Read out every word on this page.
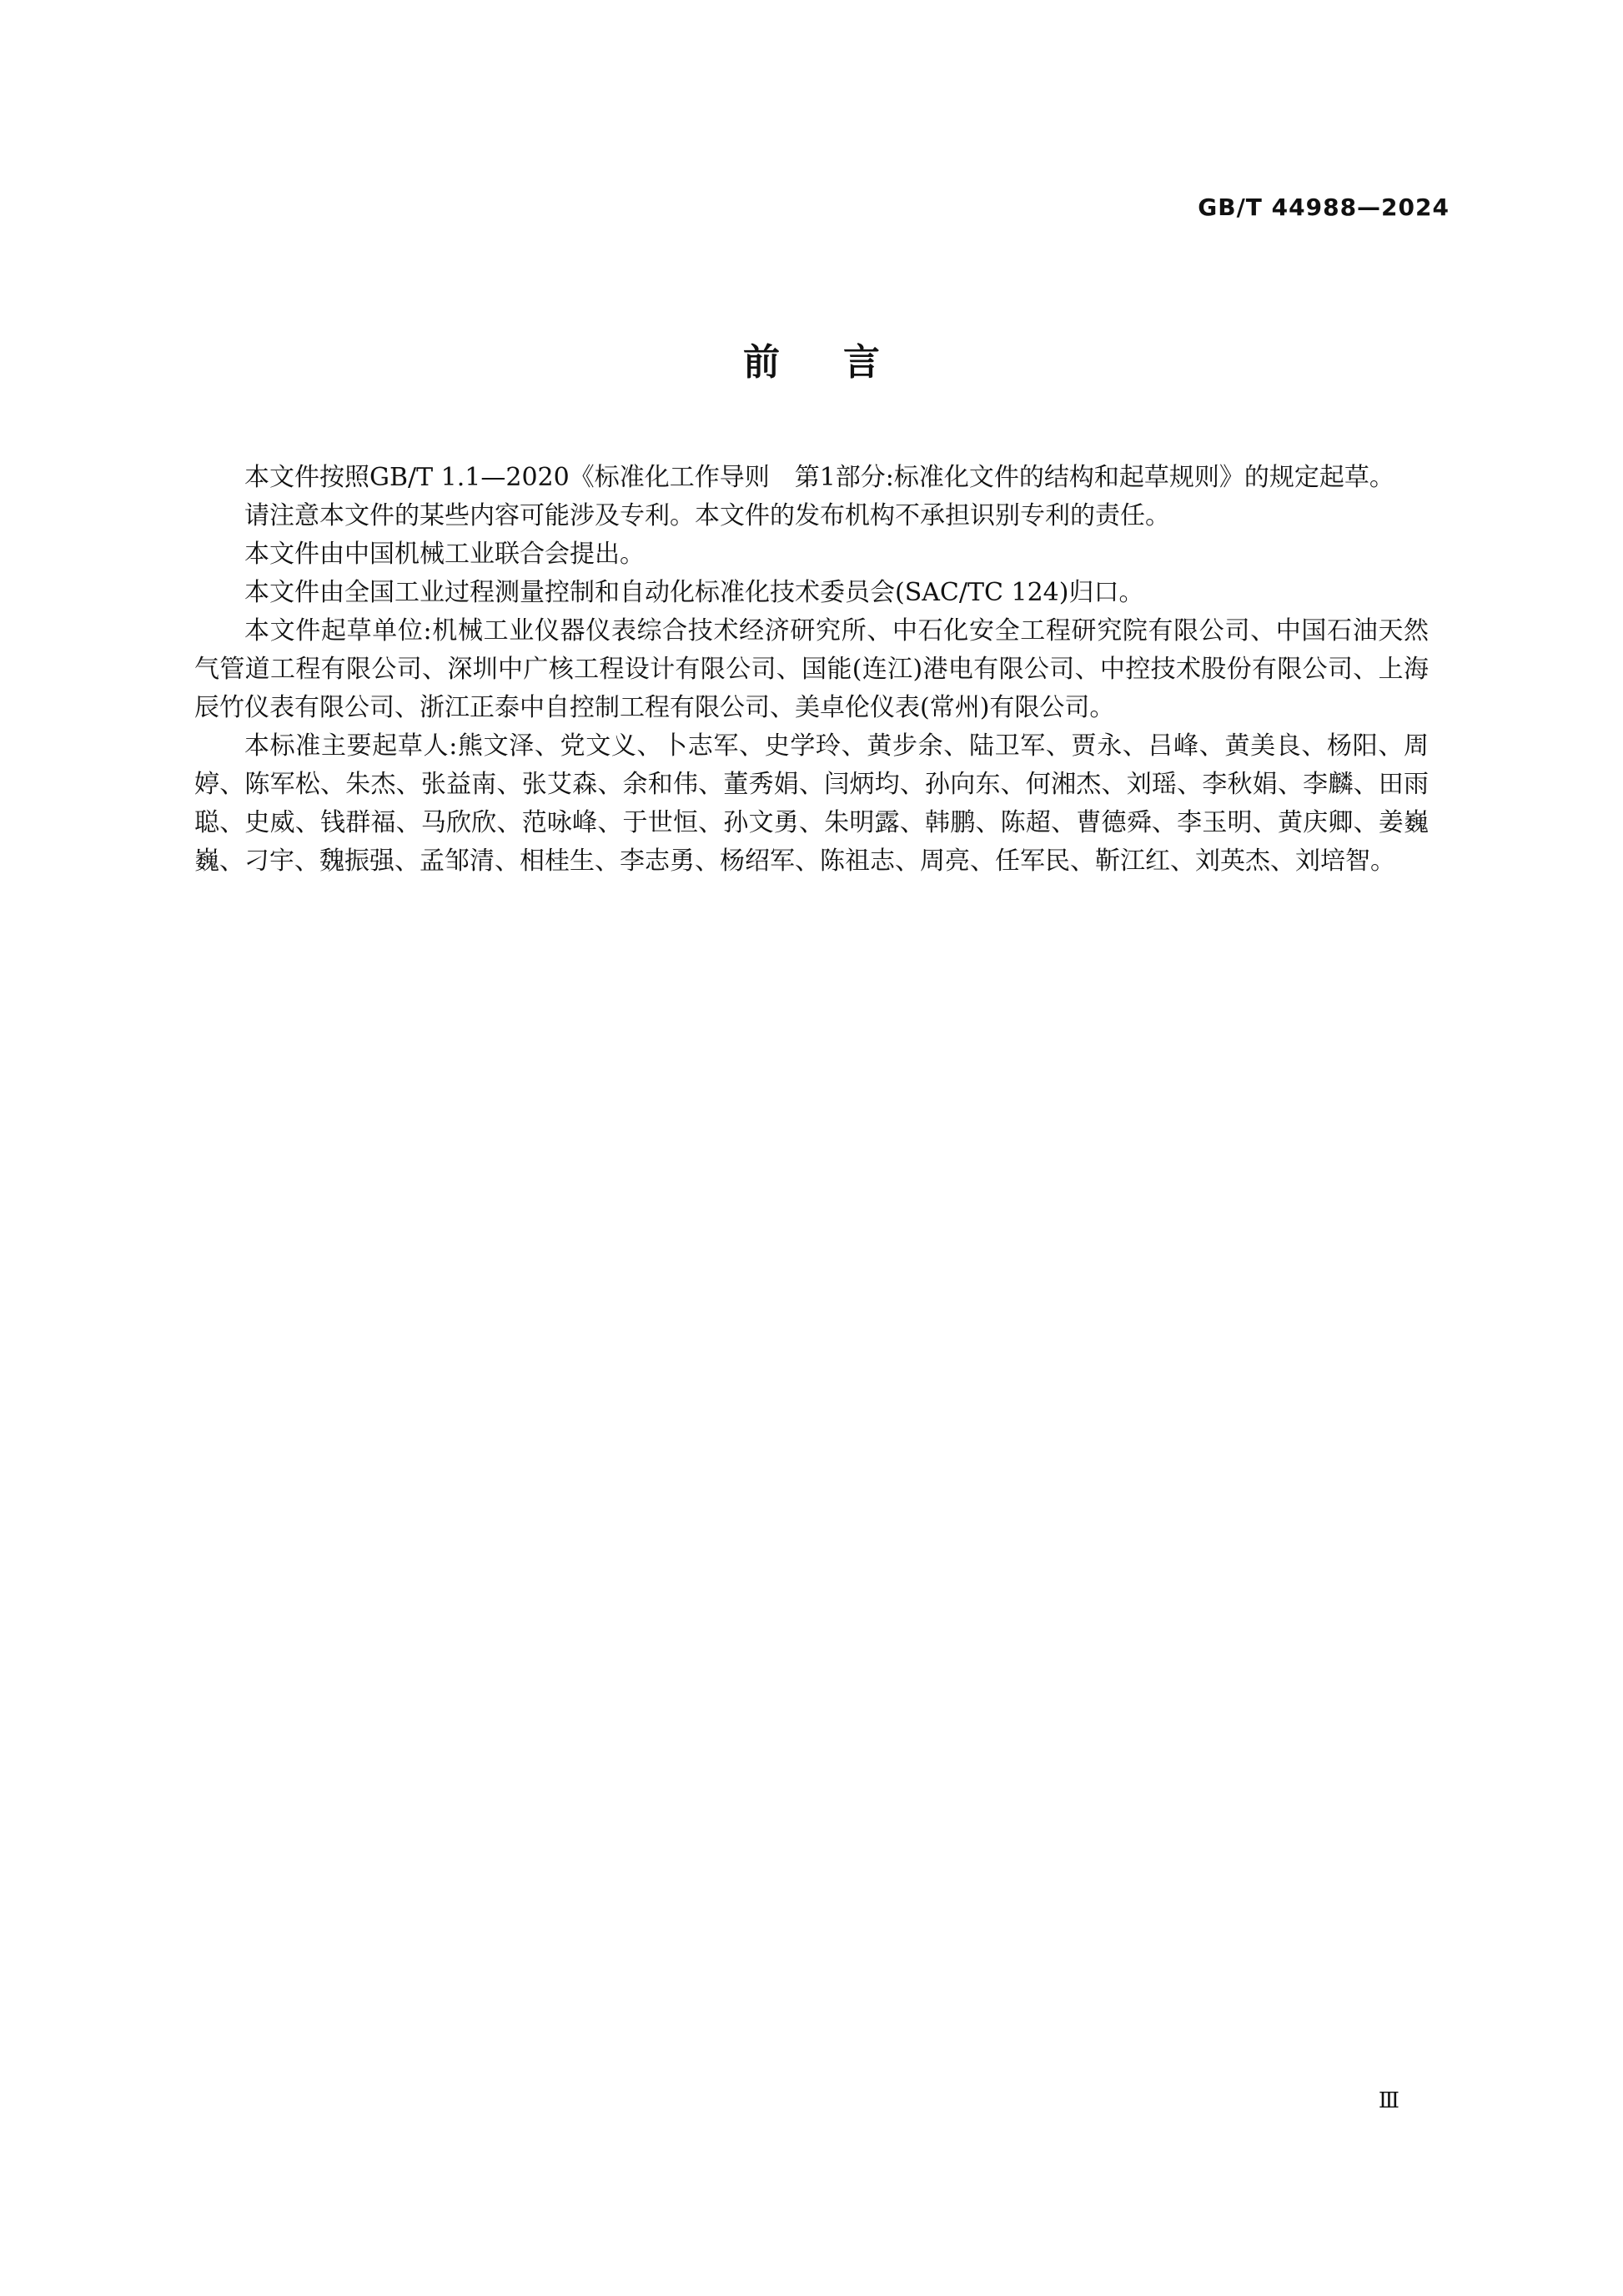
GB/T 44988—2024
前言

本文件按照GB/T 1.1—2020《标准化工作导则　第1部分:标准化文件的结构和起草规则》的规定起草。

请注意本文件的某些内容可能涉及专利。本文件的发布机构不承担识别专利的责任。

本文件由中国机械工业联合会提出。

本文件由全国工业过程测量控制和自动化标准化技术委员会(SAC/TC 124)归口。

本文件起草单位:机械工业仪器仪表综合技术经济研究所、中石化安全工程研究院有限公司、中国石油天然气管道工程有限公司、深圳中广核工程设计有限公司、国能(连江)港电有限公司、中控技术股份有限公司、上海辰竹仪表有限公司、浙江正泰中自控制工程有限公司、美卓伦仪表(常州)有限公司。

本标准主要起草人:熊文泽、党文义、卜志军、史学玲、黄步余、陆卫军、贾永、吕峰、黄美良、杨阳、周婷、陈军松、朱杰、张益南、张艾森、余和伟、董秀娟、闫炳均、孙向东、何湘杰、刘瑶、李秋娟、李麟、田雨聪、史威、钱群福、马欣欣、范咏峰、于世恒、孙文勇、朱明露、韩鹏、陈超、曹德舜、李玉明、黄庆卿、姜巍巍、刁宇、魏振强、孟邹清、相桂生、李志勇、杨绍军、陈祖志、周亮、任军民、靳江红、刘英杰、刘培智。

Ⅲ
